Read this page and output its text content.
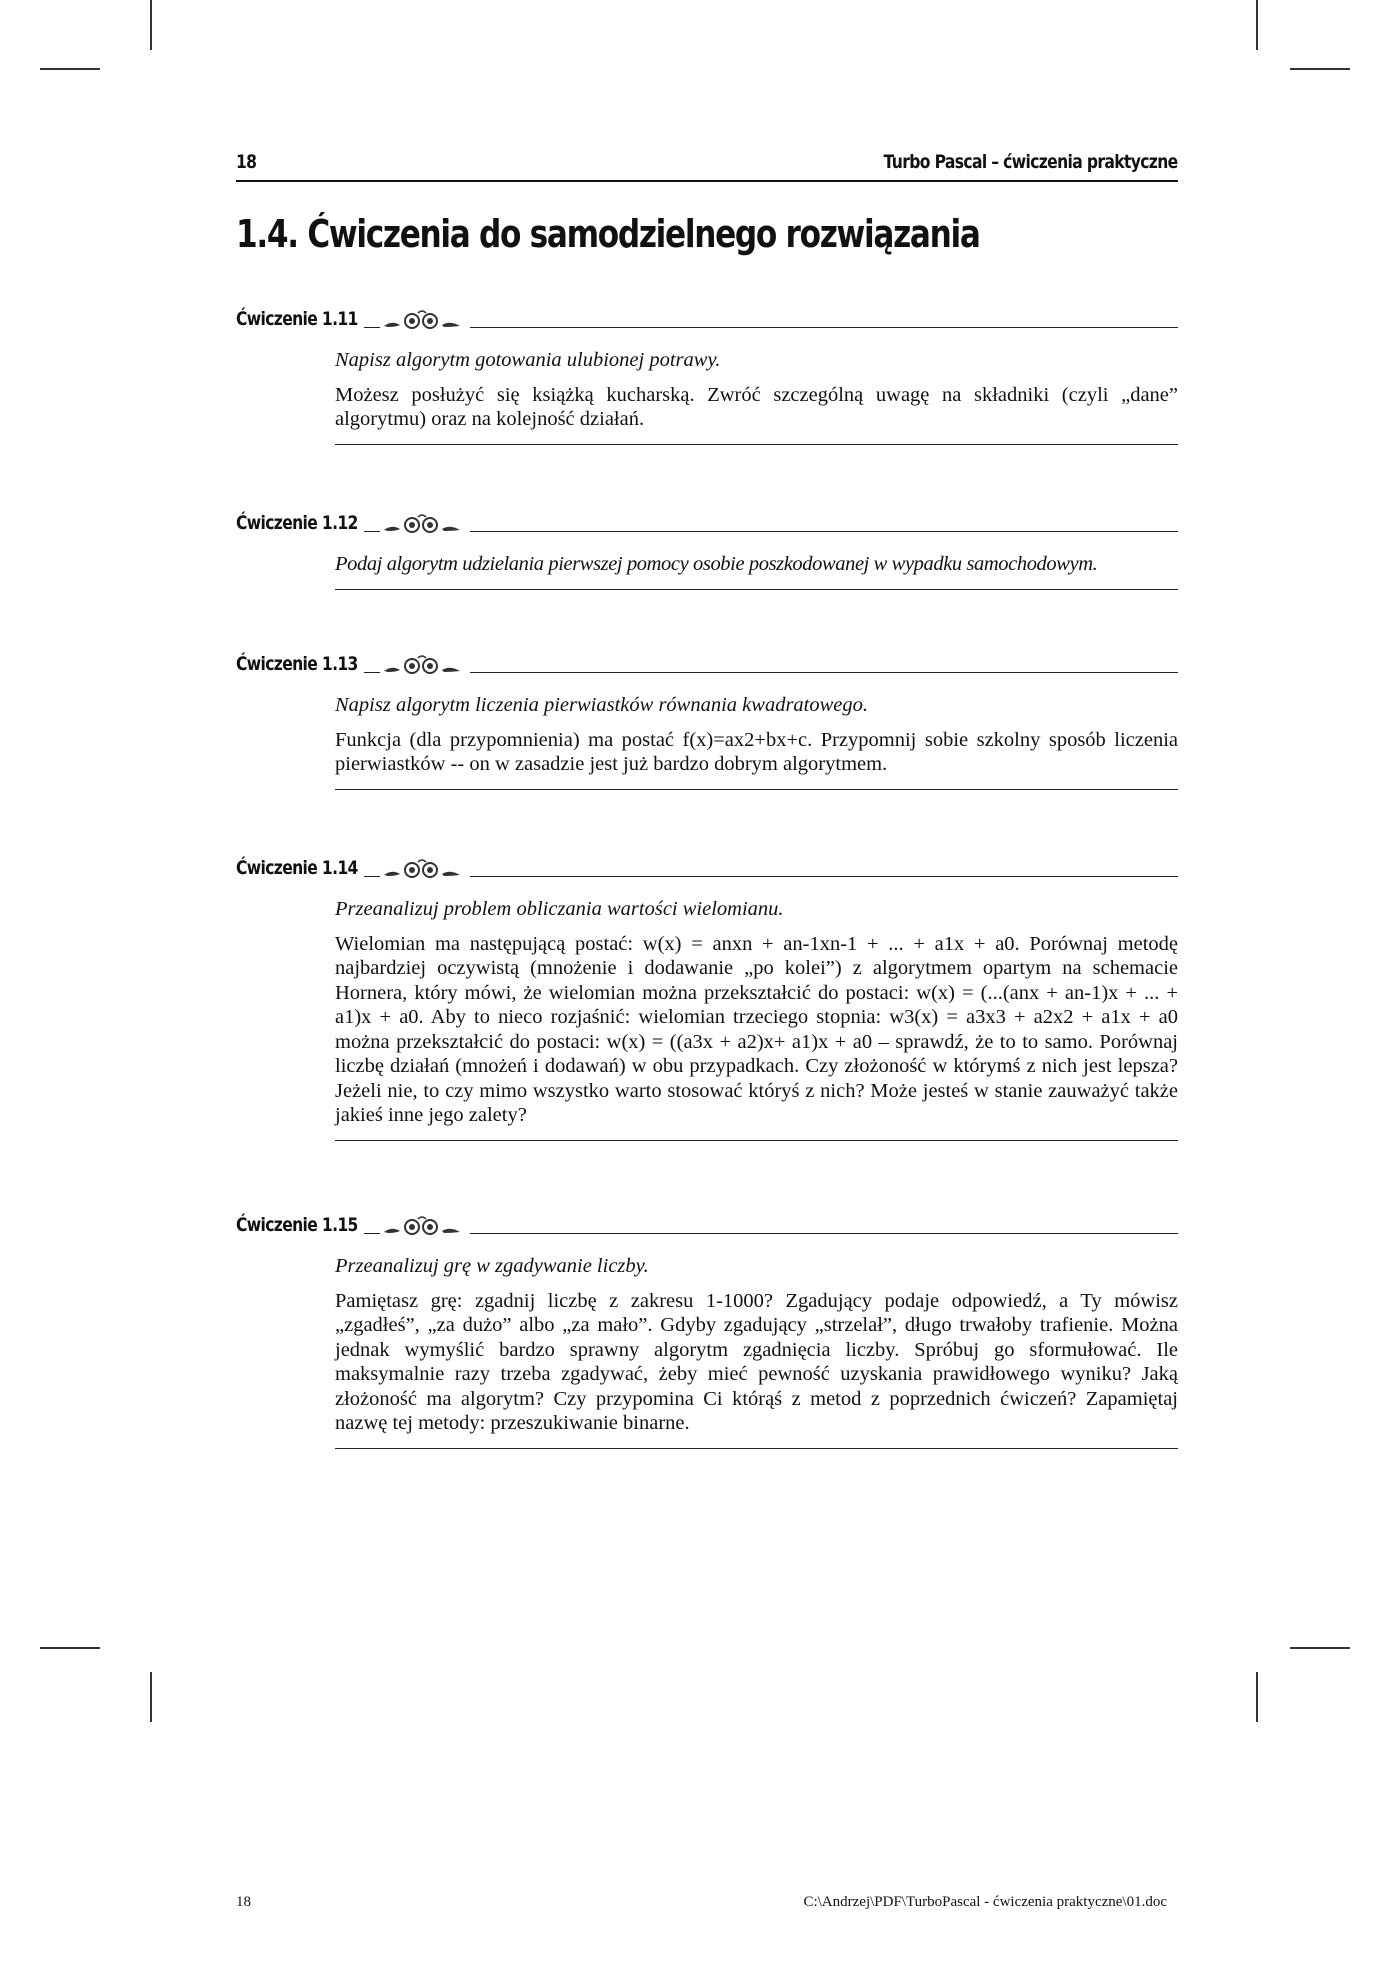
18	Turbo Pascal – ćwiczenia praktyczne
1.4. Ćwiczenia do samodzielnego rozwiązania
Ćwiczenie 1.11

Napisz algorytm gotowania ulubionej potrawy.

Możesz posłużyć się książką kucharską. Zwróć szczególną uwagę na składniki (czyli „dane” algorytmu) oraz na kolejność działań.

Ćwiczenie 1.12

Podaj algorytm udzielania pierwszej pomocy osobie poszkodowanej w wypadku samochodowym.

Ćwiczenie 1.13

Napisz algorytm liczenia pierwiastków równania kwadratowego.

Funkcja (dla przypomnienia) ma postać f(x)=ax2+bx+c. Przypomnij sobie szkolny sposób liczenia pierwiastków -- on w zasadzie jest już bardzo dobrym algorytmem.

Ćwiczenie 1.14

Przeanalizuj problem obliczania wartości wielomianu.

Wielomian ma następującą postać: w(x) = anxn + an-1xn-1 + ... + a1x + a0. Porównaj metodę najbardziej oczywistą (mnożenie i dodawanie „po kolei”) z algorytmem opartym na schemacie Hornera, który mówi, że wielomian można przekształcić do postaci: w(x) = (...(anx + an-1)x + ... + a1)x + a0. Aby to nieco rozjaśnić: wielomian trzeciego stopnia: w3(x) = a3x3 + a2x2 + a1x + a0 można przekształcić do postaci: w(x) = ((a3x + a2)x+ a1)x + a0 – sprawdź, że to to samo. Porównaj liczbę działań (mnożeń i dodawań) w obu przypadkach. Czy złożoność w którymś z nich jest lepsza? Jeżeli nie, to czy mimo wszystko warto stosować któryś z nich? Może jesteś w stanie zauważyć także jakieś inne jego zalety?

Ćwiczenie 1.15

Przeanalizuj grę w zgadywanie liczby.

Pamiętasz grę: zgadnij liczbę z zakresu 1-1000? Zgadujący podaje odpowiedź, a Ty mówisz „zgadłeś”, „za dużo” albo „za mało”. Gdyby zgadujący „strzelał”, długo trwałoby trafienie. Można jednak wymyślić bardzo sprawny algorytm zgadnięcia liczby. Spróbuj go sformułować. Ile maksymalnie razy trzeba zgadywać, żeby mieć pewność uzyskania prawidłowego wyniku? Jaką złożoność ma algorytm? Czy przypomina Ci którąś z metod z poprzednich ćwiczeń? Zapamiętaj nazwę tej metody: przeszukiwanie binarne.

18	C:\Andrzej\PDF\TurboPascal - ćwiczenia praktyczne\01.doc
